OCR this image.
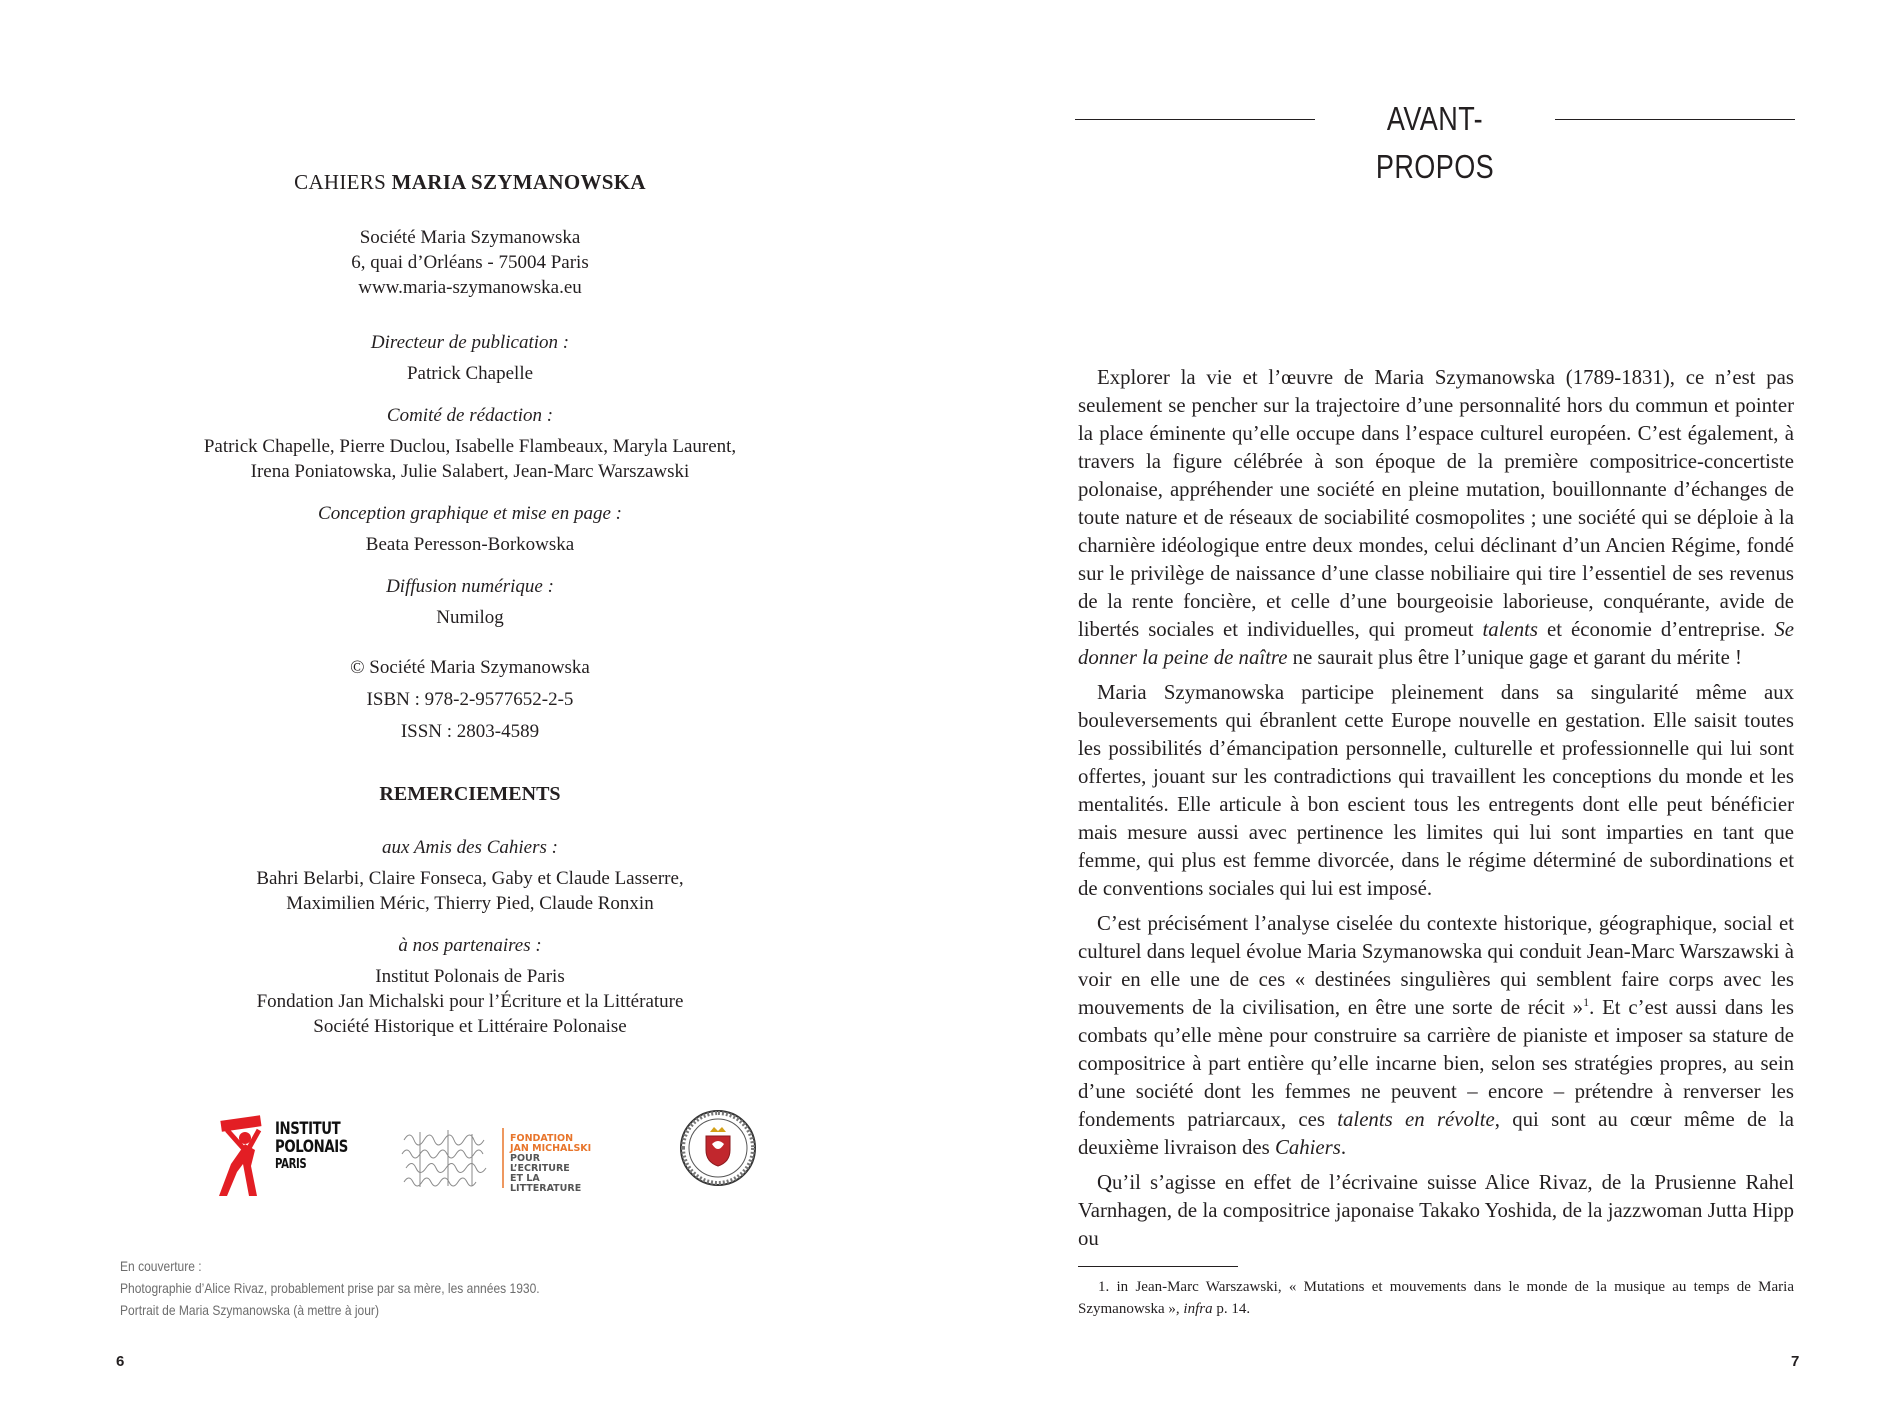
CAHIERS MARIA SZYMANOWSKA
Société Maria Szymanowska
6, quai d’Orléans - 75004 Paris
www.maria-szymanowska.eu
Directeur de publication :
Patrick Chapelle
Comité de rédaction :
Patrick Chapelle, Pierre Duclou, Isabelle Flambeaux, Maryla Laurent,
Irena Poniatowska, Julie Salabert, Jean-Marc Warszawski
Conception graphique et mise en page :
Beata Peresson-Borkowska
Diffusion numérique :
Numilog
© Société Maria Szymanowska
ISBN : 978-2-9577652-2-5
ISSN : 2803-4589
REMERCIEMENTS
aux Amis des Cahiers :
Bahri Belarbi, Claire Fonseca, Gaby et Claude Lasserre,
Maximilien Méric, Thierry Pied, Claude Ronxin
à nos partenaires :
Institut Polonais de Paris
Fondation Jan Michalski pour l’Écriture et la Littérature
Société Historique et Littéraire Polonaise
INSTITUT
POLONAIS
PARIS
FONDATION
JAN MICHALSKI
POUR
L’ECRITURE
ET LA
LITTERATURE
En couverture :
Photographie d’Alice Rivaz, probablement prise par sa mère, les années 1930.
Portrait de Maria Szymanowska (à mettre à jour)
6
AVANT-PROPOS

Explorer la vie et l’œuvre de Maria Szymanowska (1789-1831), ce n’est pas seulement se pencher sur la trajectoire d’une personnalité hors du commun et pointer la place éminente qu’elle occupe dans l’espace culturel européen. C’est également, à travers la figure célébrée à son époque de la première compositrice-concertiste polonaise, appréhender une société en pleine mutation, bouillonnante d’échanges de toute nature et de réseaux de sociabilité cosmopolites ; une société qui se déploie à la charnière idéologique entre deux mondes, celui déclinant d’un Ancien Régime, fondé sur le privilège de naissance d’une classe nobiliaire qui tire l’essentiel de ses revenus de la rente foncière, et celle d’une bourgeoisie laborieuse, conquérante, avide de libertés sociales et individuelles, qui promeut talents et économie d’entreprise. Se donner la peine de naître ne saurait plus être l’unique gage et garant du mérite !

Maria Szymanowska participe pleinement dans sa singularité même aux bouleversements qui ébranlent cette Europe nouvelle en gestation. Elle saisit toutes les possibilités d’émancipation personnelle, culturelle et professionnelle qui lui sont offertes, jouant sur les contradictions qui travaillent les conceptions du monde et les mentalités. Elle articule à bon escient tous les entregents dont elle peut bénéficier mais mesure aussi avec pertinence les limites qui lui sont imparties en tant que femme, qui plus est femme divorcée, dans le régime déterminé de subordinations et de conventions sociales qui lui est imposé.

C’est précisément l’analyse ciselée du contexte historique, géographique, social et culturel dans lequel évolue Maria Szymanowska qui conduit Jean-Marc Warszawski à voir en elle une de ces « destinées singulières qui semblent faire corps avec les mouvements de la civilisation, en être une sorte de récit »$^1$. Et c’est aussi dans les combats qu’elle mène pour construire sa carrière de pianiste et imposer sa stature de compositrice à part entière qu’elle incarne bien, selon ses stratégies propres, au sein d’une société dont les femmes ne peuvent – encore – prétendre à renverser les fondements patriarcaux, ces talents en révolte, qui sont au cœur même de la deuxième livraison des Cahiers.

Qu’il s’agisse en effet de l’écrivaine suisse Alice Rivaz, de la Prusienne Rahel Varnhagen, de la compositrice japonaise Takako Yoshida, de la jazzwoman Jutta Hipp ou

1. in Jean-Marc Warszawski, « Mutations et mouvements dans le monde de la musique au temps de Maria Szymanowska », infra p. 14.
7
